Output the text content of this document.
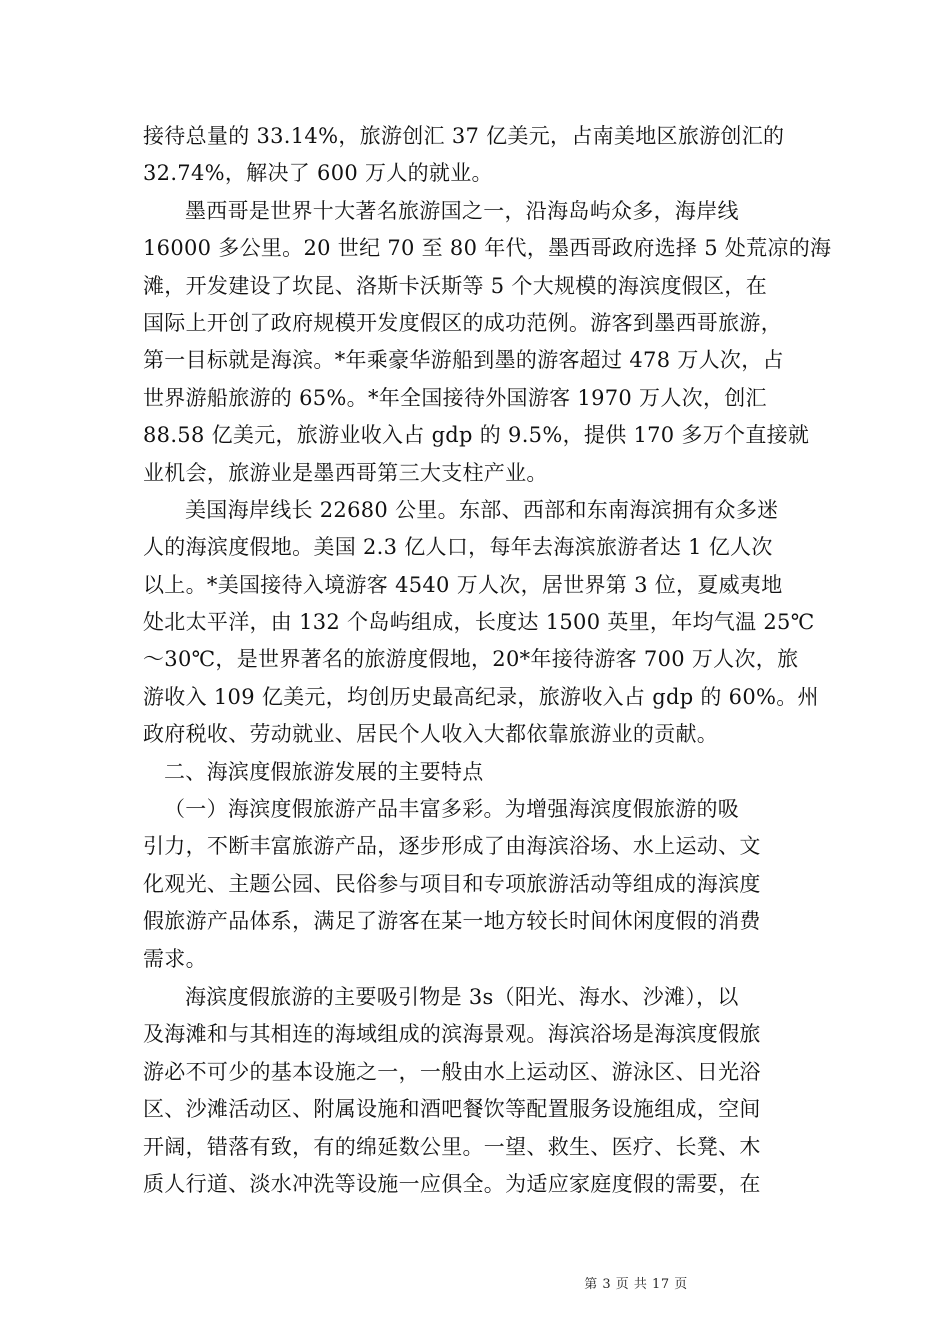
接待总量的 33.14%，旅游创汇 37 亿美元，占南美地区旅游创汇的
32.74%，解决了 600 万人的就业。
墨西哥是世界十大著名旅游国之一，沿海岛屿众多，海岸线
16000 多公里。20 世纪 70 至 80 年代，墨西哥政府选择 5 处荒凉的海
滩，开发建设了坎昆、洛斯卡沃斯等 5 个大规模的海滨度假区，在
国际上开创了政府规模开发度假区的成功范例。游客到墨西哥旅游，
第一目标就是海滨。*年乘豪华游船到墨的游客超过 478 万人次，占
世界游船旅游的 65%。*年全国接待外国游客 1970 万人次，创汇
88.58 亿美元，旅游业收入占 gdp 的 9.5%，提供 170 多万个直接就
业机会，旅游业是墨西哥第三大支柱产业。
美国海岸线长 22680 公里。东部、西部和东南海滨拥有众多迷
人的海滨度假地。美国 2.3 亿人口，每年去海滨旅游者达 1 亿人次
以上。*美国接待入境游客 4540 万人次，居世界第 3 位，夏威夷地
处北太平洋，由 132 个岛屿组成，长度达 1500 英里，年均气温 25℃
～30℃，是世界著名的旅游度假地，20*年接待游客 700 万人次，旅
游收入 109 亿美元，均创历史最高纪录，旅游收入占 gdp 的 60%。州
政府税收、劳动就业、居民个人收入大都依靠旅游业的贡献。
二、海滨度假旅游发展的主要特点
（一）海滨度假旅游产品丰富多彩。为增强海滨度假旅游的吸
引力，不断丰富旅游产品，逐步形成了由海滨浴场、水上运动、文
化观光、主题公园、民俗参与项目和专项旅游活动等组成的海滨度
假旅游产品体系，满足了游客在某一地方较长时间休闲度假的消费
需求。
海滨度假旅游的主要吸引物是 3s（阳光、海水、沙滩），以
及海滩和与其相连的海域组成的滨海景观。海滨浴场是海滨度假旅
游必不可少的基本设施之一，一般由水上运动区、游泳区、日光浴
区、沙滩活动区、附属设施和酒吧餐饮等配置服务设施组成，空间
开阔，错落有致，有的绵延数公里。一望、救生、医疗、长凳、木
质人行道、淡水冲洗等设施一应俱全。为适应家庭度假的需要，在
第 3 页 共 17 页
